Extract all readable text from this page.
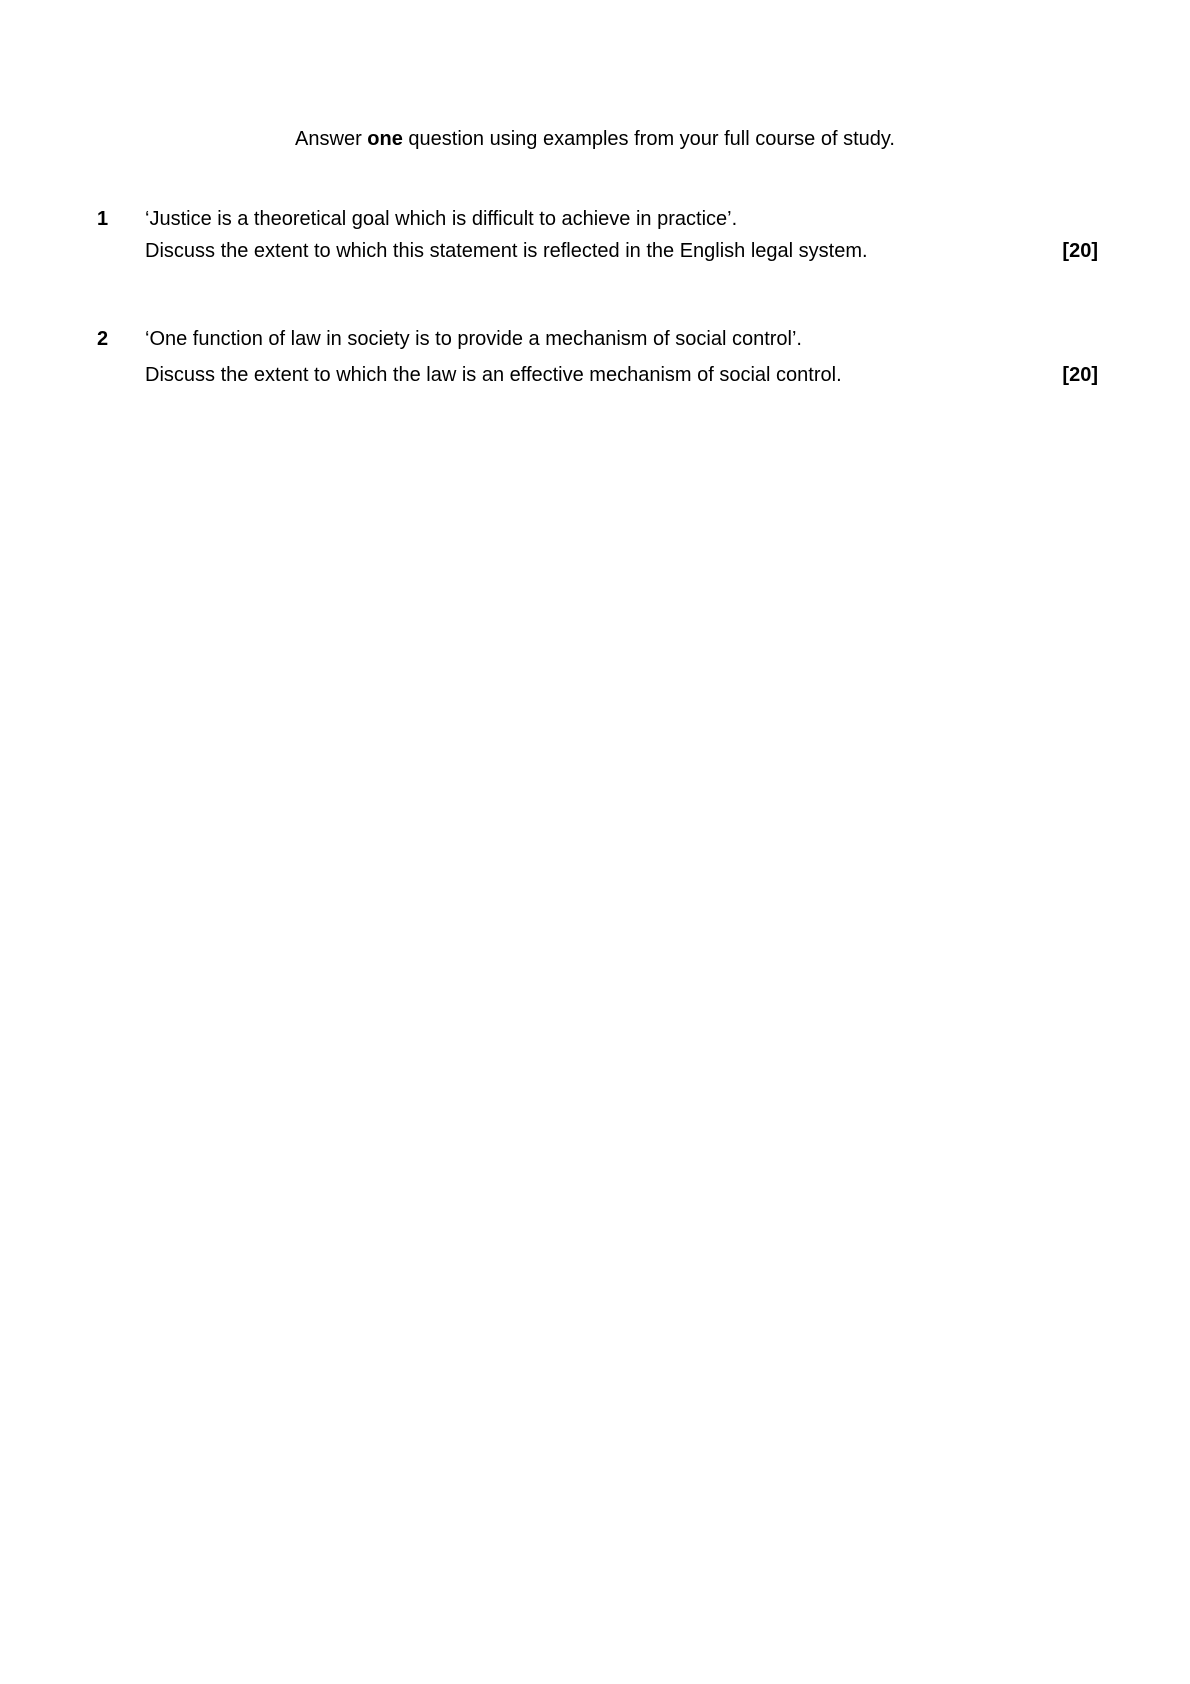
Answer one question using examples from your full course of study.
1 ‘Justice is a theoretical goal which is difficult to achieve in practice’.
Discuss the extent to which this statement is reflected in the English legal system.	[20]
2 ‘One function of law in society is to provide a mechanism of social control’.
Discuss the extent to which the law is an effective mechanism of social control.	[20]
